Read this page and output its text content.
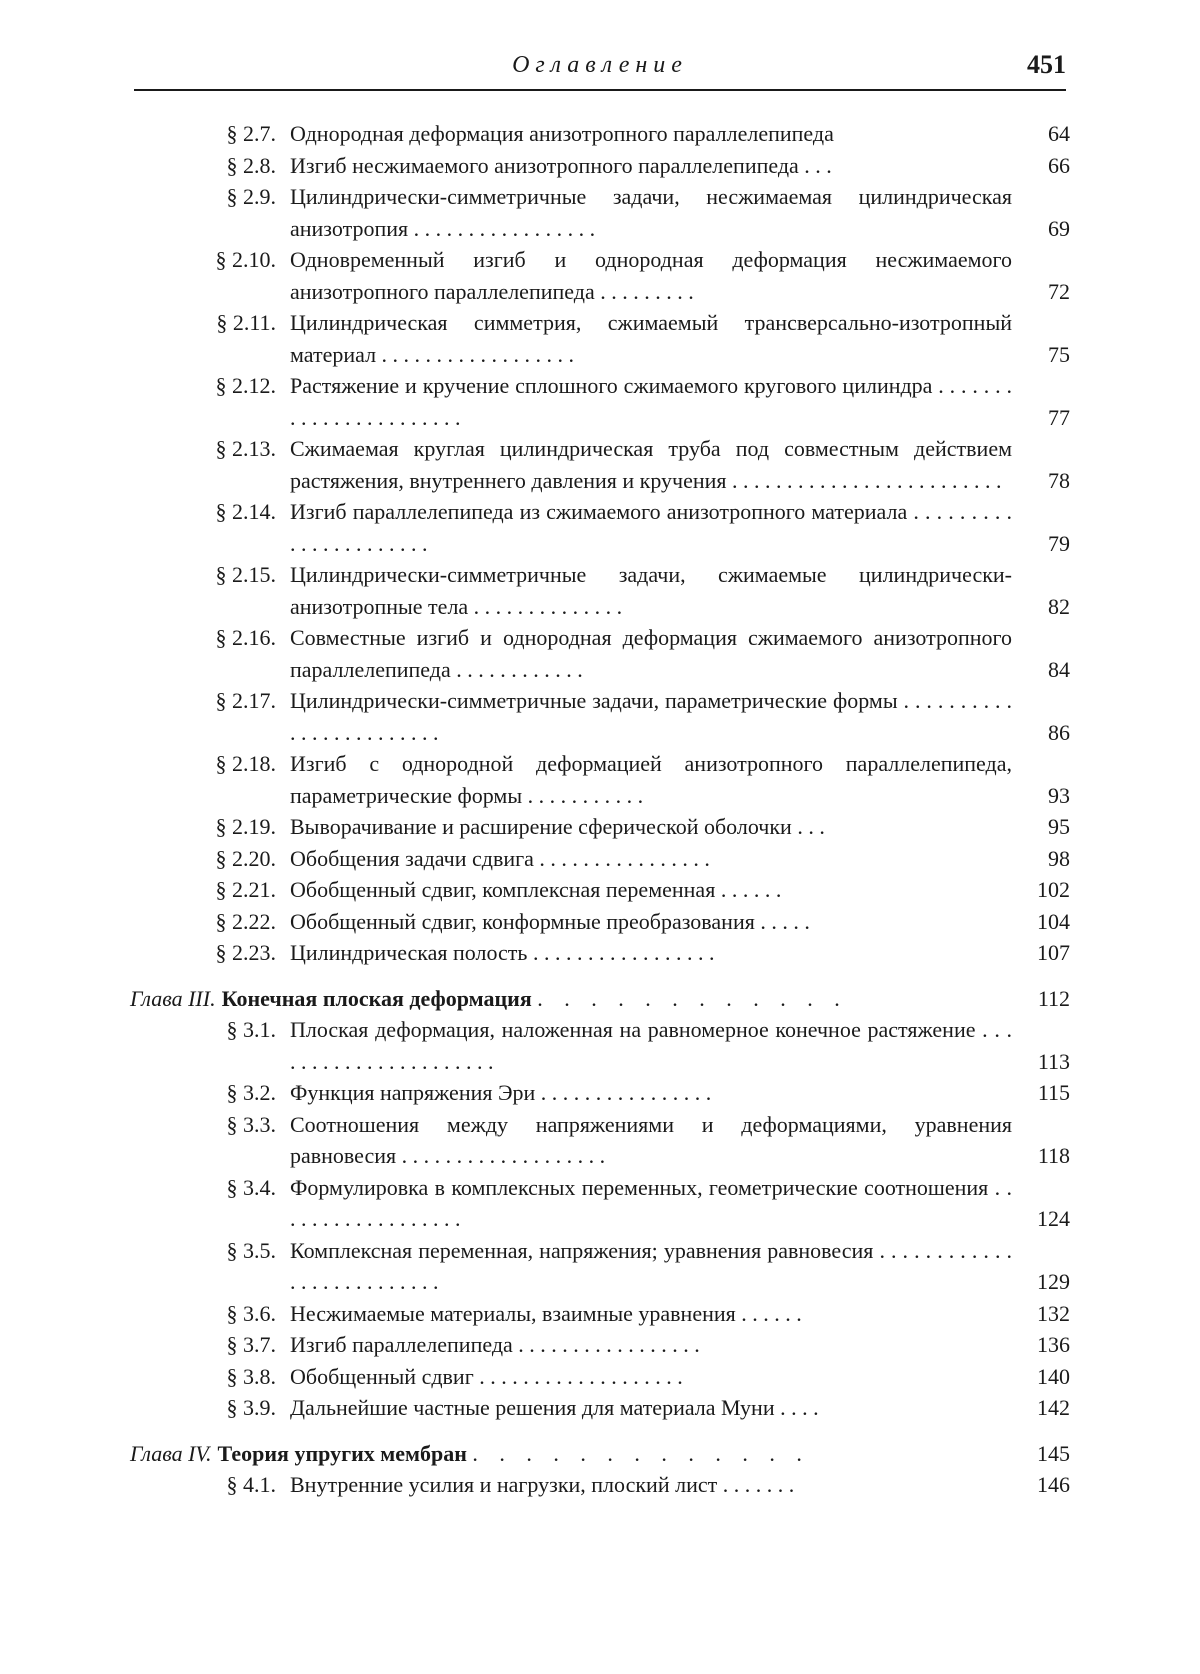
Оглавление	451
§ 2.7. Однородная деформация анизотропного параллелепипеда	64
§ 2.8. Изгиб несжимаемого анизотропного параллелепипеда . . .	66
§ 2.9. Цилиндрически-симметричные задачи, несжимаемая цилиндрическая анизотропия . . . . . . . . . . . . . . . . .	69
§ 2.10. Одновременный изгиб и однородная деформация несжимаемого анизотропного параллелепипеда . . . . . . . . .	72
§ 2.11. Цилиндрическая симметрия, сжимаемый трансверсально-изотропный материал . . . . . . . . . . . . . . . . . .	75
§ 2.12. Растяжение и кручение сплошного сжимаемого кругового цилиндра . . . . . . . . . . . . . . . . . . . . . . .	77
§ 2.13. Сжимаемая круглая цилиндрическая труба под совместным действием растяжения, внутреннего давления и кручения . . . . . . . . . . . . . . . . . . . . . . . . .	78
§ 2.14. Изгиб параллелепипеда из сжимаемого анизотропного материала . . . . . . . . . . . . . . . . . . . . . .	79
§ 2.15. Цилиндрически-симметричные задачи, сжимаемые цилиндрически-анизотропные тела . . . . . . . . . . . . . .	82
§ 2.16. Совместные изгиб и однородная деформация сжимаемого анизотропного параллелепипеда . . . . . . . . . . . .	84
§ 2.17. Цилиндрически-симметричные задачи, параметрические формы . . . . . . . . . . . . . . . . . . . . . . . .	86
§ 2.18. Изгиб с однородной деформацией анизотропного параллелепипеда, параметрические формы . . . . . . . . . . .	93
§ 2.19. Выворачивание и расширение сферической оболочки . . .	95
§ 2.20. Обобщения задачи сдвига . . . . . . . . . . . . . . . .	98
§ 2.21. Обобщенный сдвиг, комплексная переменная . . . . . .	102
§ 2.22. Обобщенный сдвиг, конформные преобразования . . . . .	104
§ 2.23. Цилиндрическая полость . . . . . . . . . . . . . . . . .	107
Глава III. Конечная плоская деформация . . . . . . . . . . . .	112
§ 3.1. Плоская деформация, наложенная на равномерное конечное растяжение . . . . . . . . . . . . . . . . . . . . . .	113
§ 3.2. Функция напряжения Эри . . . . . . . . . . . . . . . .	115
§ 3.3. Соотношения между напряжениями и деформациями, уравнения равновесия . . . . . . . . . . . . . . . . . . .	118
§ 3.4. Формулировка в комплексных переменных, геометрические соотношения . . . . . . . . . . . . . . . . . .	124
§ 3.5. Комплексная переменная, напряжения; уравнения равновесия . . . . . . . . . . . . . . . . . . . . . . . . . .	129
§ 3.6. Несжимаемые материалы, взаимные уравнения . . . . . .	132
§ 3.7. Изгиб параллелепипеда . . . . . . . . . . . . . . . . .	136
§ 3.8. Обобщенный сдвиг . . . . . . . . . . . . . . . . . . .	140
§ 3.9. Дальнейшие частные решения для материала Муни . . . .	142
Глава IV. Теория упругих мембран . . . . . . . . . . . . .	145
§ 4.1. Внутренние усилия и нагрузки, плоский лист . . . . . . .	146
